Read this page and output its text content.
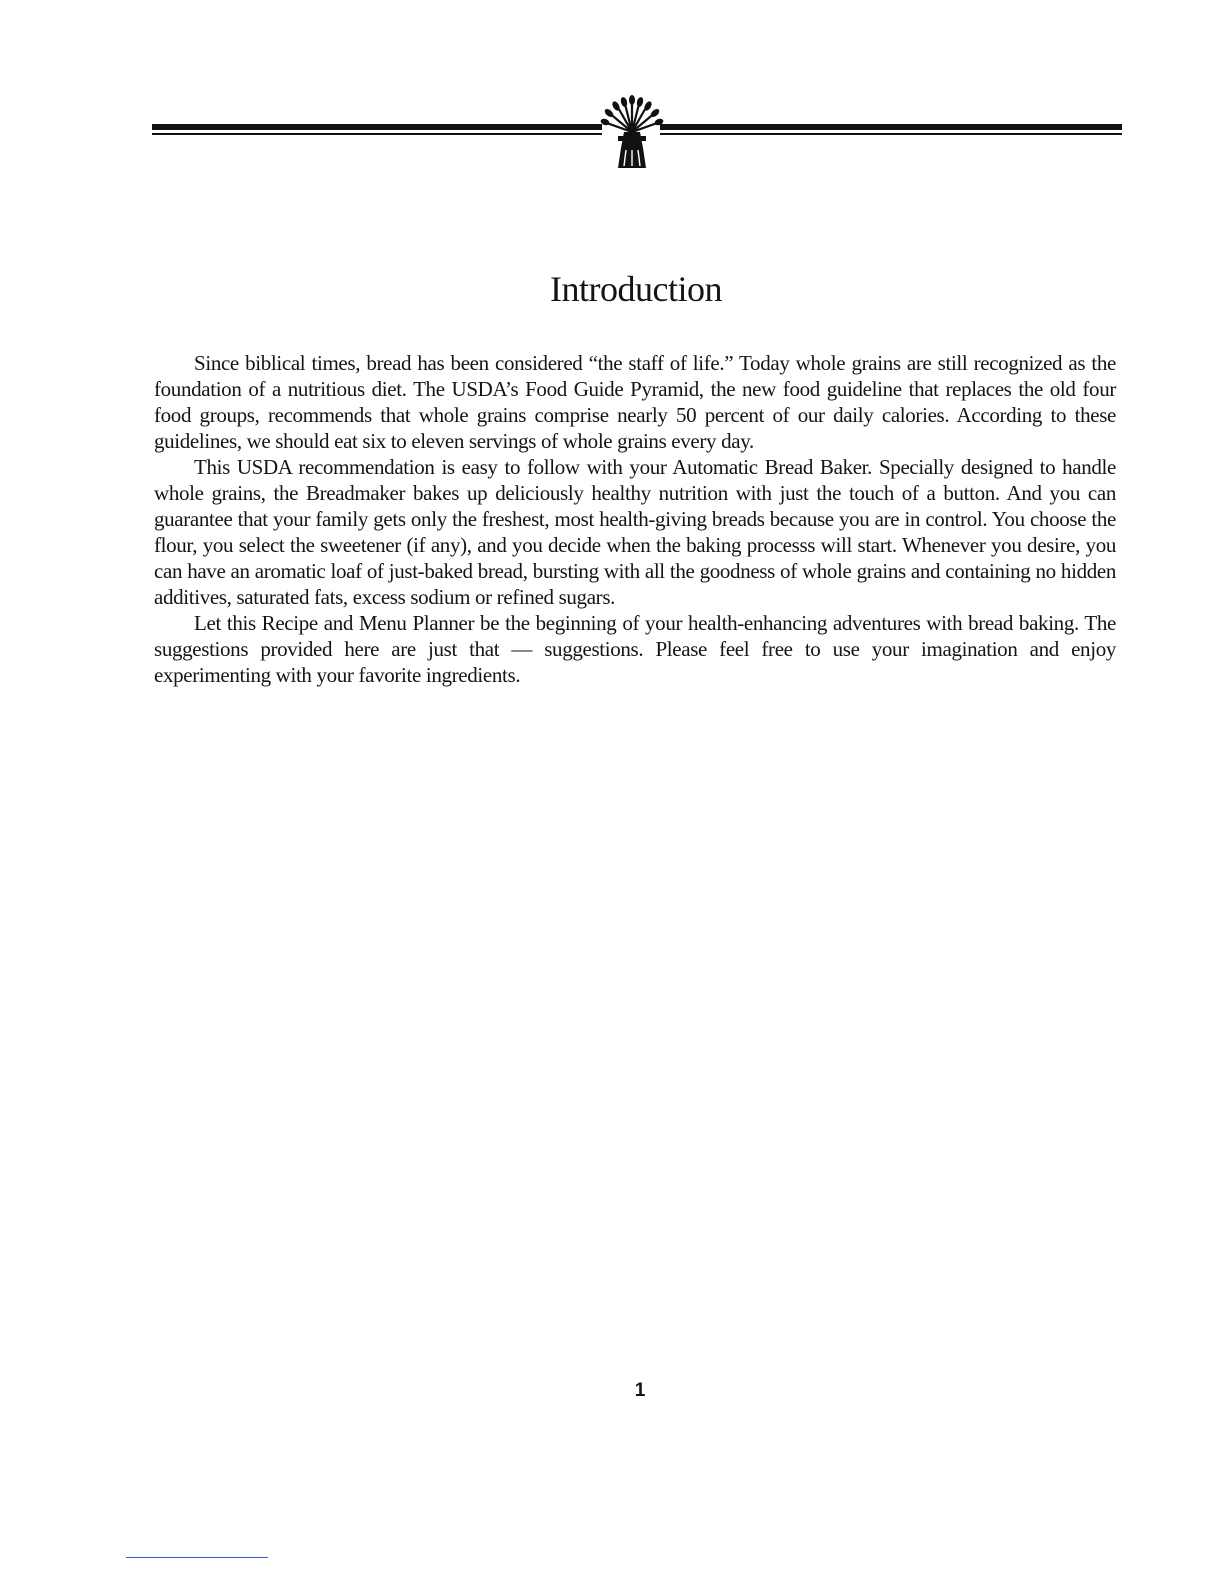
Introduction

Since biblical times, bread has been considered “the staff of life.” Today whole grains are still recognized as the foundation of a nutritious diet. The USDA’s Food Guide Pyramid, the new food guideline that replaces the old four food groups, recommends that whole grains comprise nearly 50 percent of our daily calories. According to these guidelines, we should eat six to eleven servings of whole grains every day.

This USDA recommendation is easy to follow with your Automatic Bread Baker. Specially designed to handle whole grains, the Breadmaker bakes up deliciously healthy nutrition with just the touch of a button. And you can guarantee that your family gets only the freshest, most health-giving breads because you are in control. You choose the flour, you select the sweetener (if any), and you decide when the baking processs will start. Whenever you desire, you can have an aromatic loaf of just-baked bread, bursting with all the goodness of whole grains and containing no hidden additives, saturated fats, excess sodium or refined sugars.

Let this Recipe and Menu Planner be the beginning of your health-enhancing adventures with bread baking. The suggestions provided here are just that — suggestions. Please feel free to use your imagination and enjoy experimenting with your favorite ingredients.

1
